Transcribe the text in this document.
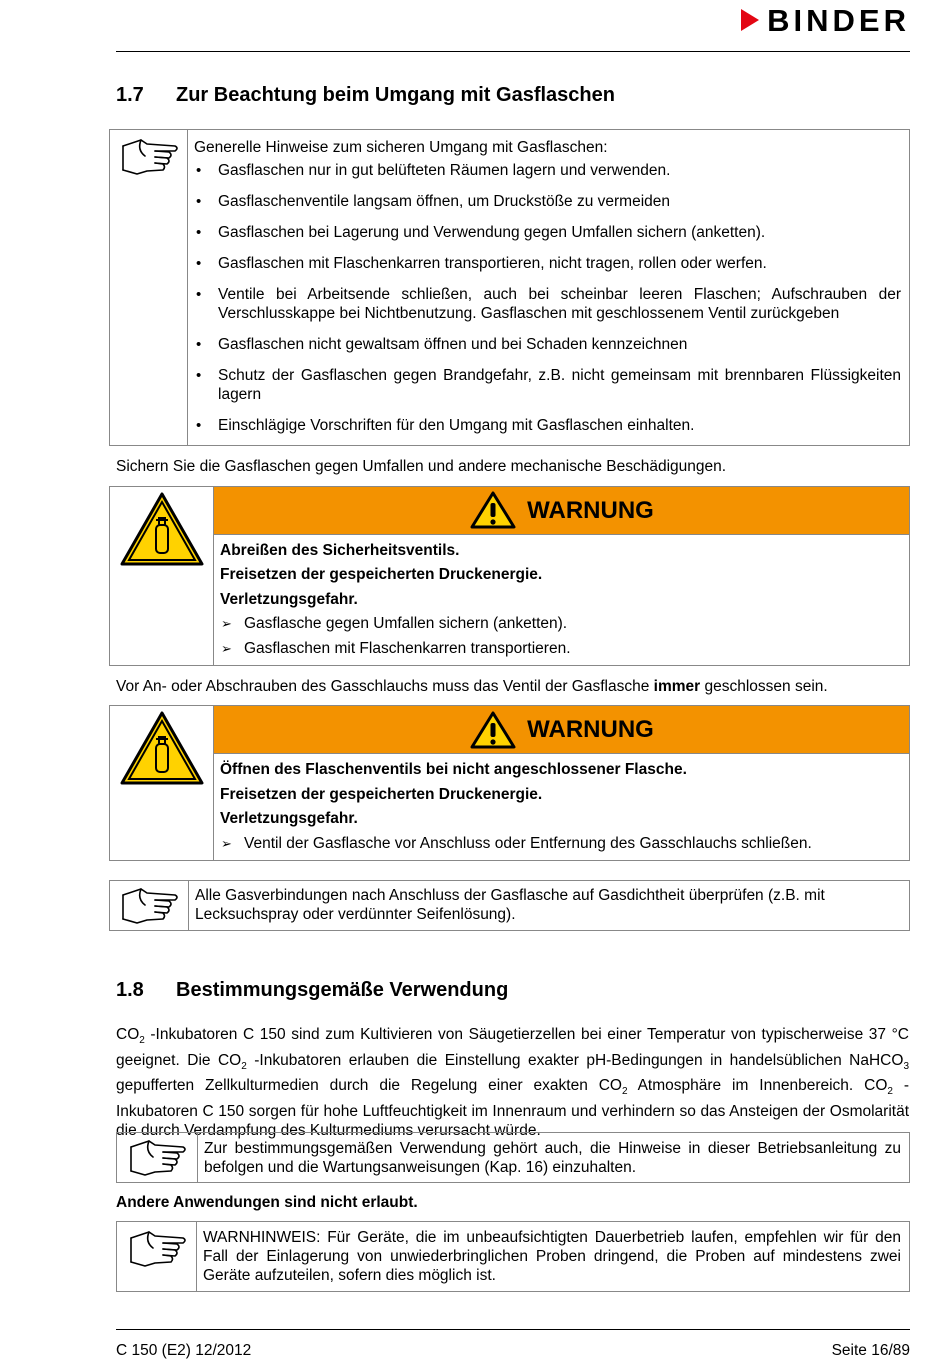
BINDER
1.7 Zur Beachtung beim Umgang mit Gasflaschen
Generelle Hinweise zum sicheren Umgang mit Gasflaschen:
• Gasflaschen nur in gut belüfteten Räumen lagern und verwenden.
• Gasflaschenventile langsam öffnen, um Druckstöße zu vermeiden
• Gasflaschen bei Lagerung und Verwendung gegen Umfallen sichern (anketten).
• Gasflaschen mit Flaschenkarren transportieren, nicht tragen, rollen oder werfen.
• Ventile bei Arbeitsende schließen, auch bei scheinbar leeren Flaschen; Aufschrauben der Verschlusskappe bei Nichtbenutzung. Gasflaschen mit geschlossenem Ventil zurückgeben
• Gasflaschen nicht gewaltsam öffnen und bei Schaden kennzeichnen
• Schutz der Gasflaschen gegen Brandgefahr, z.B. nicht gemeinsam mit brennbaren Flüssigkeiten lagern
• Einschlägige Vorschriften für den Umgang mit Gasflaschen einhalten.
Sichern Sie die Gasflaschen gegen Umfallen und andere mechanische Beschädigungen.
WARNUNG
Abreißen des Sicherheitsventils.
Freisetzen der gespeicherten Druckenergie.
Verletzungsgefahr.
➢ Gasflasche gegen Umfallen sichern (anketten).
➢ Gasflaschen mit Flaschenkarren transportieren.
Vor An- oder Abschrauben des Gasschlauchs muss das Ventil der Gasflasche immer geschlossen sein.
WARNUNG
Öffnen des Flaschenventils bei nicht angeschlossener Flasche.
Freisetzen der gespeicherten Druckenergie.
Verletzungsgefahr.
➢ Ventil der Gasflasche vor Anschluss oder Entfernung des Gasschlauchs schließen.
Alle Gasverbindungen nach Anschluss der Gasflasche auf Gasdichtheit überprüfen (z.B. mit Lecksuchspray oder verdünnter Seifenlösung).
1.8 Bestimmungsgemäße Verwendung
$CO_2$ -Inkubatoren C 150 sind zum Kultivieren von Säugetierzellen bei einer Temperatur von typischerweise 37 °C geeignet. Die $CO_2$ -Inkubatoren erlauben die Einstellung exakter pH-Bedingungen in handelsüblichen NaHCO$_3$ gepufferten Zellkulturmedien durch die Regelung einer exakten $CO_2$ Atmosphäre im Innenbereich. $CO_2$ -Inkubatoren C 150 sorgen für hohe Luftfeuchtigkeit im Innenraum und verhindern so das Ansteigen der Osmolarität die durch Verdampfung des Kulturmediums verursacht würde.
Zur bestimmungsgemäßen Verwendung gehört auch, die Hinweise in dieser Betriebsanleitung zu befolgen und die Wartungsanweisungen (Kap. 16) einzuhalten.
Andere Anwendungen sind nicht erlaubt.
WARNHINWEIS: Für Geräte, die im unbeaufsichtigten Dauerbetrieb laufen, empfehlen wir für den Fall der Einlagerung von unwiederbringlichen Proben dringend, die Proben auf mindestens zwei Geräte aufzuteilen, sofern dies möglich ist.
C 150 (E2) 12/2012	Seite 16/89
